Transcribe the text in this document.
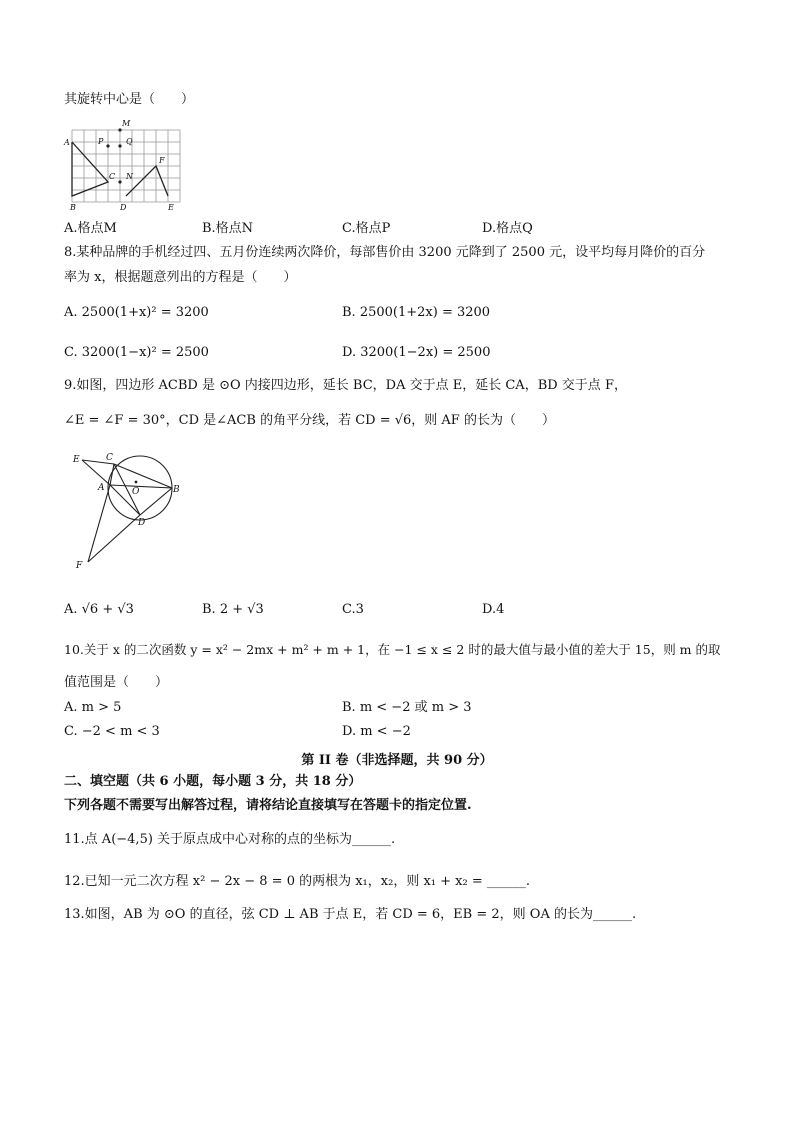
其旋转中心是（　　）
A
B
C
D	E
F
M
N
P	Q
A.格点M	B.格点N	C.格点P	D.格点Q
8.某种品牌的手机经过四、五月份连续两次降价，每部售价由 3200 元降到了 2500 元，设平均每月降价的百分
率为 x，根据题意列出的方程是（　　）
A. 2500(1+x)² = 3200	B. 2500(1+2x) = 3200
C. 3200(1−x)² = 2500	D. 3200(1−2x) = 2500
9.如图，四边形 ACBD 是 ⊙O 内接四边形，延长 BC，DA 交于点 E，延长 CA，BD 交于点 F，
∠E = ∠F = 30°，CD 是∠ACB 的角平分线，若 CD = √6，则 AF 的长为（　　）
E	C
A	O	B
D
F
A. √6 + √3	B. 2 + √3	C.3	D.4
10.关于 x 的二次函数 y = x² − 2mx + m² + m + 1，在 −1 ≤ x ≤ 2 时的最大值与最小值的差大于 15，则 m 的取
值范围是（　　）
A. m > 5	B. m < −2 或 m > 3
C. −2 < m < 3	D. m < −2
第 II 卷（非选择题，共 90 分）
二、填空题（共 6 小题，每小题 3 分，共 18 分）
下列各题不需要写出解答过程，请将结论直接填写在答题卡的指定位置.
11.点 A(−4,5) 关于原点成中心对称的点的坐标为______.
12.已知一元二次方程 x² − 2x − 8 = 0 的两根为 x₁，x₂，则 x₁ + x₂ = ______.
13.如图，AB 为 ⊙O 的直径，弦 CD ⊥ AB 于点 E，若 CD = 6，EB = 2，则 OA 的长为______.
